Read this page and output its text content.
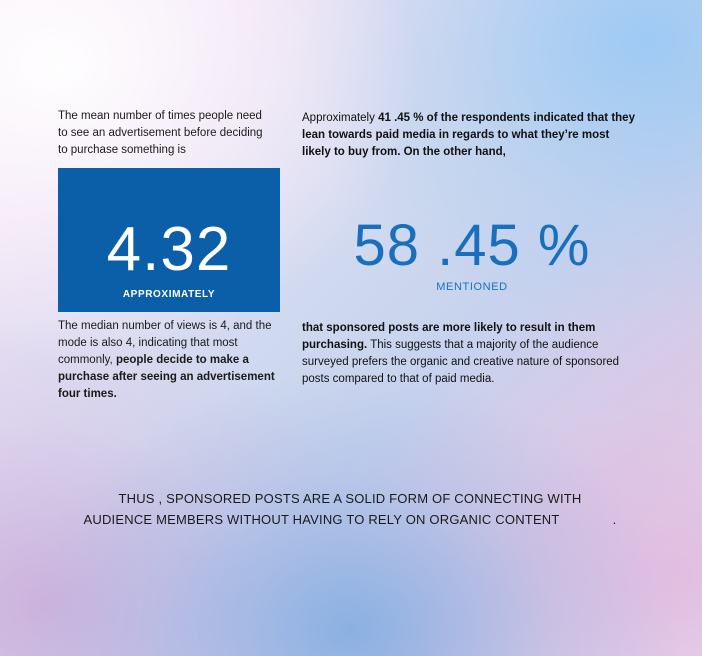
The mean number of times people need to see an advertisement before deciding to purchase something is
4.32
APPROXIMATELY
The median number of views is 4, and the mode is also 4, indicating that most commonly, people decide to make a purchase after seeing an advertisement four times.
Approximately 41 .45 % of the respondents indicated that they lean towards paid media in regards to what they’re most likely to buy from. On the other hand,
58 .45 %
MENTIONED
that sponsored posts are more likely to result in them purchasing. This suggests that a majority of the audience surveyed prefers the organic and creative nature of sponsored posts compared to that of paid media.
THUS , SPONSORED POSTS ARE A SOLID FORM OF CONNECTING WITH
AUDIENCE MEMBERS WITHOUT HAVING TO RELY ON ORGANIC CONTENT              .
